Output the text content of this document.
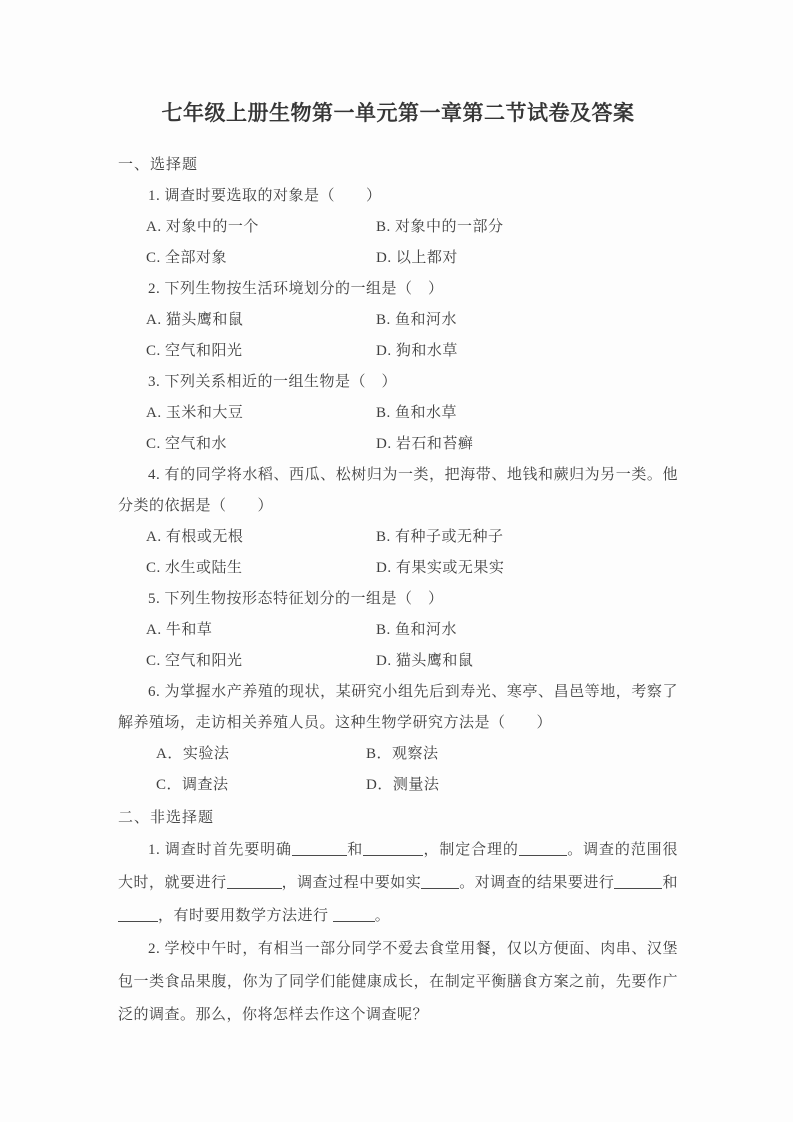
七年级上册生物第一单元第一章第二节试卷及答案
一、选择题

1. 调查时要选取的对象是（　　）

A. 对象中的一个	B. 对象中的一部分
C. 全部对象	D. 以上都对

2. 下列生物按生活环境划分的一组是（　）

A. 猫头鹰和鼠	B. 鱼和河水
C. 空气和阳光	D. 狗和水草

3. 下列关系相近的一组生物是（　）

A. 玉米和大豆	B. 鱼和水草
C. 空气和水	D. 岩石和苔癣

4. 有的同学将水稻、西瓜、松树归为一类，把海带、地钱和蕨归为另一类。他分类的依据是（　　）

A. 有根或无根	B. 有种子或无种子
C. 水生或陆生	D. 有果实或无果实

5. 下列生物按形态特征划分的一组是（　）

A. 牛和草	B. 鱼和河水
C. 空气和阳光	D. 猫头鹰和鼠

6. 为掌握水产养殖的现状，某研究小组先后到寿光、寒亭、昌邑等地，考察了解养殖场，走访相关养殖人员。这种生物学研究方法是（　　）

A．实验法	B．观察法
C．调查法	D．测量法
二、非选择题

1. 调查时首先要明确	和	，制定合理的	。调查的范围很大时，就要进行	，调查过程中要如实	。对调查的结果要进行	和，有时要用数学方法进行	。

2. 学校中午时，有相当一部分同学不爱去食堂用餐，仅以方便面、肉串、汉堡包一类食品果腹，你为了同学们能健康成长，在制定平衡膳食方案之前，先要作广泛的调查。那么，你将怎样去作这个调查呢？
